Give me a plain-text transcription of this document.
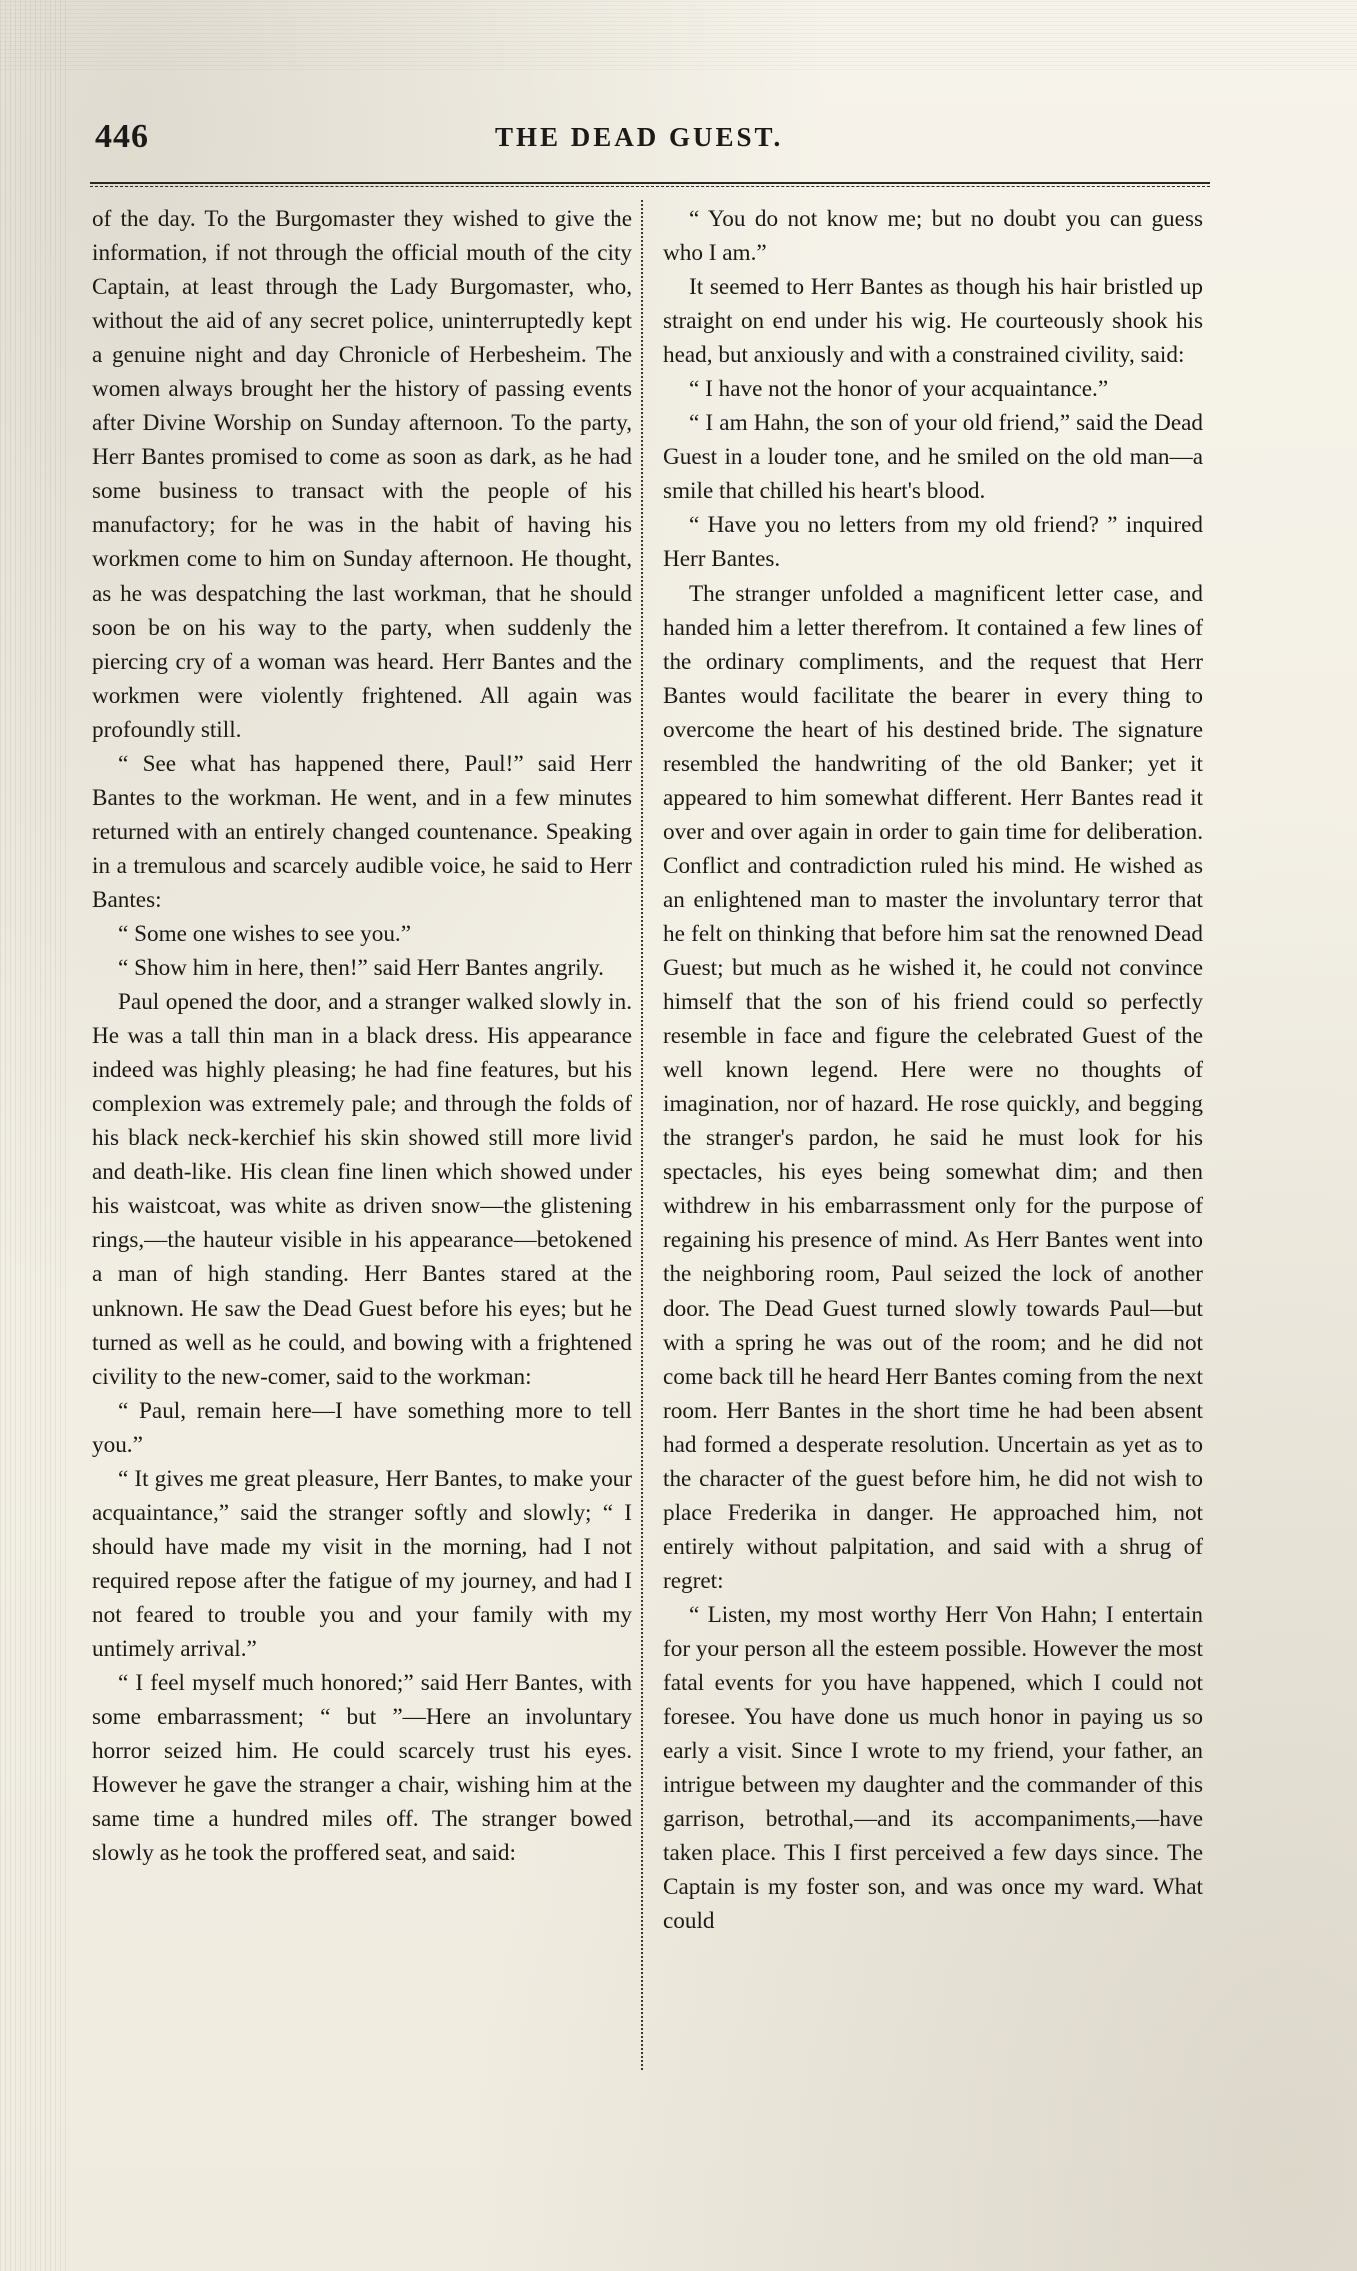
446	THE DEAD GUEST.

of the day. To the Burgomaster they wished to give the information, if not through the official mouth of the city Captain, at least through the Lady Burgomaster, who, without the aid of any secret police, uninterruptedly kept a genuine night and day Chronicle of Herbesheim. The women always brought her the history of passing events after Divine Worship on Sunday afternoon. To the party, Herr Bantes promised to come as soon as dark, as he had some business to transact with the people of his manufactory; for he was in the habit of having his workmen come to him on Sunday afternoon. He thought, as he was despatching the last workman, that he should soon be on his way to the party, when suddenly the piercing cry of a woman was heard. Herr Bantes and the workmen were violently frightened. All again was profoundly still.

“ See what has happened there, Paul!” said Herr Bantes to the workman. He went, and in a few minutes returned with an entirely changed countenance. Speaking in a tremulous and scarcely audible voice, he said to Herr Bantes:

“ Some one wishes to see you.”

“ Show him in here, then!” said Herr Bantes angrily.

Paul opened the door, and a stranger walked slowly in. He was a tall thin man in a black dress. His appearance indeed was highly pleasing; he had fine features, but his complexion was extremely pale; and through the folds of his black neck-kerchief his skin showed still more livid and death-like. His clean fine linen which showed under his waistcoat, was white as driven snow—the glistening rings,—the hauteur visible in his appearance—betokened a man of high standing. Herr Bantes stared at the unknown. He saw the Dead Guest before his eyes; but he turned as well as he could, and bowing with a frightened civility to the new-comer, said to the workman:

“ Paul, remain here—I have something more to tell you.”

“ It gives me great pleasure, Herr Bantes, to make your acquaintance,” said the stranger softly and slowly; “ I should have made my visit in the morning, had I not required repose after the fatigue of my journey, and had I not feared to trouble you and your family with my untimely arrival.”

“ I feel myself much honored;” said Herr Bantes, with some embarrassment; “ but ”—Here an involuntary horror seized him. He could scarcely trust his eyes. However he gave the stranger a chair, wishing him at the same time a hundred miles off. The stranger bowed slowly as he took the proffered seat, and said:

“ You do not know me; but no doubt you can guess who I am.”

It seemed to Herr Bantes as though his hair bristled up straight on end under his wig. He courteously shook his head, but anxiously and with a constrained civility, said:

“ I have not the honor of your acquaintance.”

“ I am Hahn, the son of your old friend,” said the Dead Guest in a louder tone, and he smiled on the old man—a smile that chilled his heart's blood.

“ Have you no letters from my old friend? ” inquired Herr Bantes.

The stranger unfolded a magnificent letter case, and handed him a letter therefrom. It contained a few lines of the ordinary compliments, and the request that Herr Bantes would facilitate the bearer in every thing to overcome the heart of his destined bride. The signature resembled the handwriting of the old Banker; yet it appeared to him somewhat different. Herr Bantes read it over and over again in order to gain time for deliberation. Conflict and contradiction ruled his mind. He wished as an enlightened man to master the involuntary terror that he felt on thinking that before him sat the renowned Dead Guest; but much as he wished it, he could not convince himself that the son of his friend could so perfectly resemble in face and figure the celebrated Guest of the well known legend. Here were no thoughts of imagination, nor of hazard. He rose quickly, and begging the stranger's pardon, he said he must look for his spectacles, his eyes being somewhat dim; and then withdrew in his embarrassment only for the purpose of regaining his presence of mind. As Herr Bantes went into the neighboring room, Paul seized the lock of another door. The Dead Guest turned slowly towards Paul—but with a spring he was out of the room; and he did not come back till he heard Herr Bantes coming from the next room. Herr Bantes in the short time he had been absent had formed a desperate resolution. Uncertain as yet as to the character of the guest before him, he did not wish to place Frederika in danger. He approached him, not entirely without palpitation, and said with a shrug of regret:

“ Listen, my most worthy Herr Von Hahn; I entertain for your person all the esteem possible. However the most fatal events for you have happened, which I could not foresee. You have done us much honor in paying us so early a visit. Since I wrote to my friend, your father, an intrigue between my daughter and the commander of this garrison, betrothal,—and its accompaniments,—have taken place. This I first perceived a few days since. The Captain is my foster son, and was once my ward. What could
